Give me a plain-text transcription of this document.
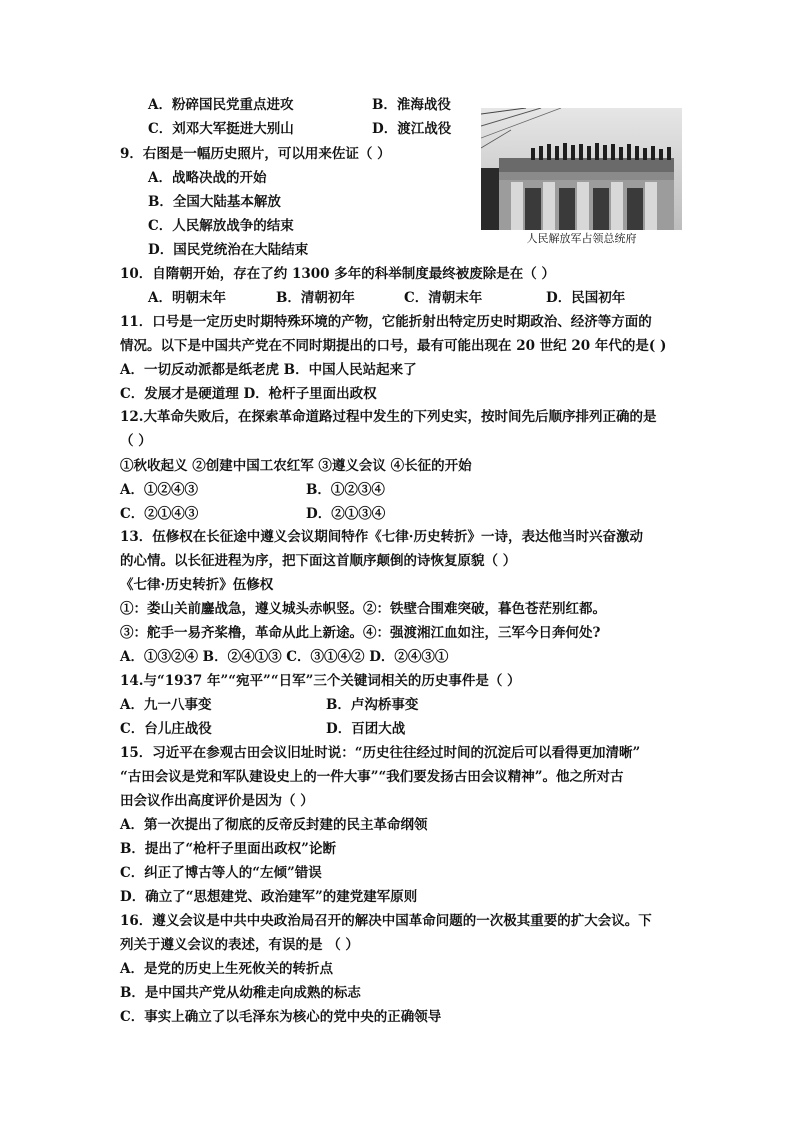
A．粉碎国民党重点进攻	B．淮海战役
C．刘邓大军挺进大别山	D．渡江战役
9．右图是一幅历史照片，可以用来佐证（ ）
A．战略决战的开始
B．全国大陆基本解放
C．人民解放战争的结束
D．国民党统治在大陆结束
人民解放军占领总统府
10．自隋朝开始，存在了约 1300 多年的科举制度最终被废除是在（ ）
A．明朝末年	B．清朝初年	C．清朝末年	D．民国初年
11．口号是一定历史时期特殊环境的产物，它能折射出特定历史时期政治、经济等方面的
情况。以下是中国共产党在不同时期提出的口号，最有可能出现在 20 世纪 20 年代的是( )
A．一切反动派都是纸老虎 B．中国人民站起来了
C．发展才是硬道理 D．枪杆子里面出政权
12.大革命失败后，在探索革命道路过程中发生的下列史实，按时间先后顺序排列正确的是
（ ）
①秋收起义 ②创建中国工农红军 ③遵义会议 ④长征的开始
A．①②④③	B．①②③④
C．②①④③	D．②①③④
13．伍修权在长征途中遵义会议期间特作《七律·历史转折》一诗，表达他当时兴奋激动
的心情。以长征进程为序，把下面这首顺序颠倒的诗恢复原貌（ ）
《七律·历史转折》伍修权
①：娄山关前鏖战急，遵义城头赤帜竖。②：铁壁合围难突破，暮色苍茫别红都。
③：舵手一易齐桨橹，革命从此上新途。④：强渡湘江血如注，三军今日奔何处?
A．①③②④ B．②④①③ C．③①④② D．②④③①
14.与“1937 年”“宛平”“日军”三个关键词相关的历史事件是（ ）
A．九一八事变	B．卢沟桥事变
C．台儿庄战役	D．百团大战
15．习近平在参观古田会议旧址时说：“历史往往经过时间的沉淀后可以看得更加清晰”
“古田会议是党和军队建设史上的一件大事”“我们要发扬古田会议精神”。他之所对古
田会议作出高度评价是因为（ ）
A．第一次提出了彻底的反帝反封建的民主革命纲领
B．提出了“枪杆子里面出政权”论断
C．纠正了博古等人的“左倾”错误
D．确立了“思想建党、政治建军”的建党建军原则
16．遵义会议是中共中央政治局召开的解决中国革命问题的一次极其重要的扩大会议。下
列关于遵义会议的表述，有误的是 （ ）
A．是党的历史上生死攸关的转折点
B．是中国共产党从幼稚走向成熟的标志
C．事实上确立了以毛泽东为核心的党中央的正确领导
